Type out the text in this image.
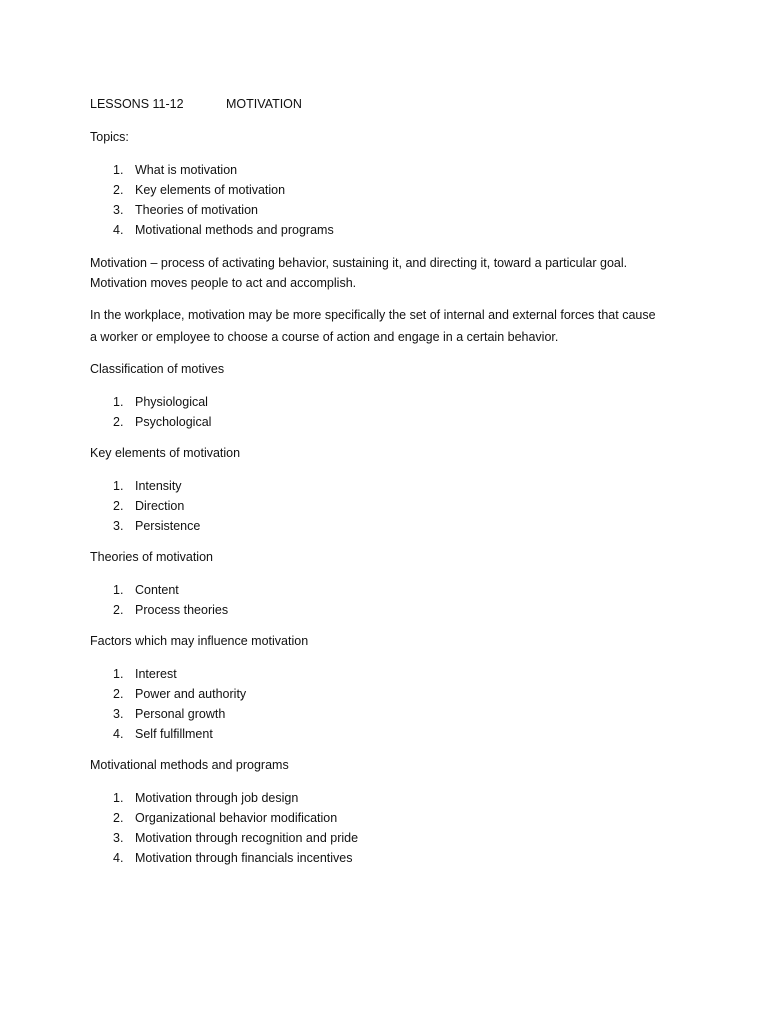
LESSONS 11-12	MOTIVATION

Topics:

1. What is motivation
2. Key elements of motivation
3. Theories of motivation
4. Motivational methods and programs
Motivation – process of activating behavior, sustaining it, and directing it, toward a particular goal.
Motivation moves people to act and accomplish.
In the workplace, motivation may be more specifically the set of internal and external forces that cause
a worker or employee to choose a course of action and engage in a certain behavior.

Classification of motives

1. Physiological
2. Psychological

Key elements of motivation

1. Intensity
2. Direction
3. Persistence

Theories of motivation

1. Content
2. Process theories

Factors which may influence motivation

1. Interest
2. Power and authority
3. Personal growth
4. Self fulfillment

Motivational methods and programs

1. Motivation through job design
2. Organizational behavior modification
3. Motivation through recognition and pride
4. Motivation through financials incentives
